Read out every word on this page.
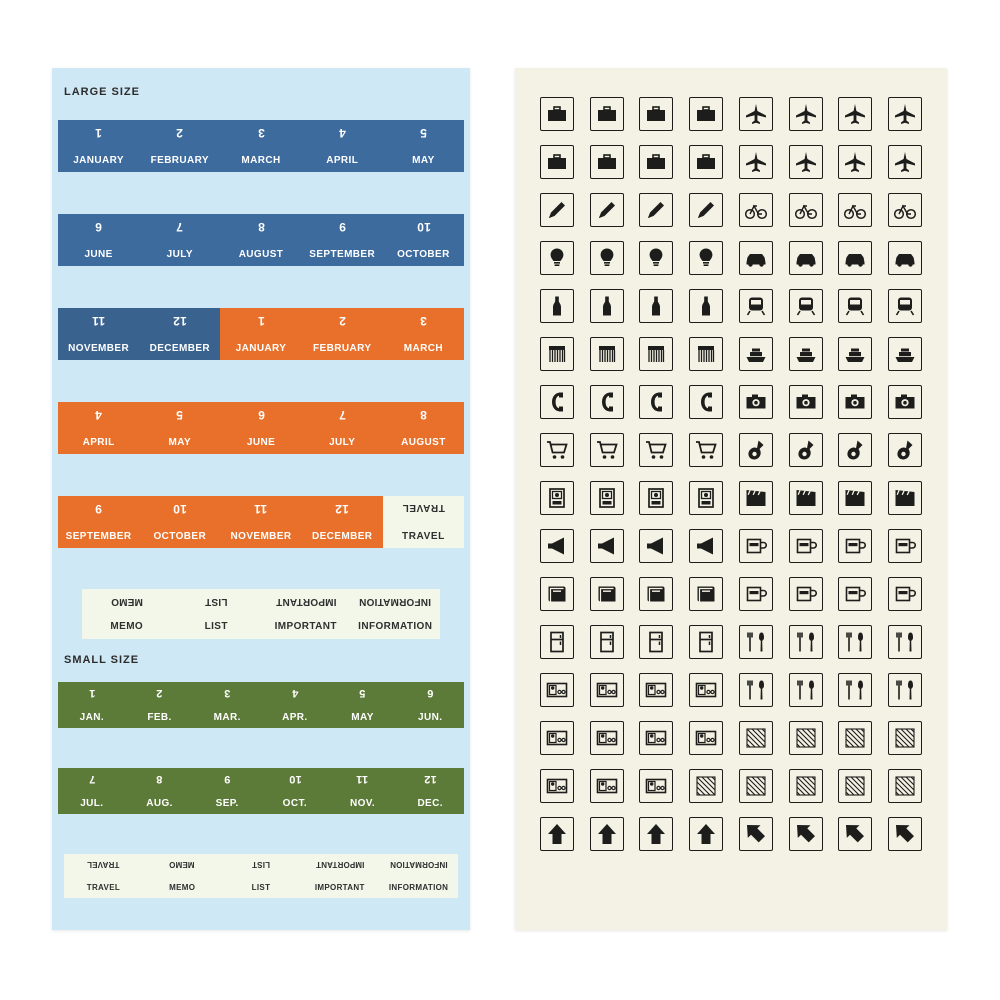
LARGE SIZE
1
JANUARY
2
FEBRUARY
3
MARCH
4
APRIL
5
MAY
6
JUNE
7
JULY
8
AUGUST
9
SEPTEMBER
10
OCTOBER
11
NOVEMBER
12
DECEMBER
1
JANUARY
2
FEBRUARY
3
MARCH
4
APRIL
5
MAY
6
JUNE
7
JULY
8
AUGUST
9
SEPTEMBER
10
OCTOBER
11
NOVEMBER
12
DECEMBER
TRAVEL
TRAVEL
MEMO
MEMO
LIST
LIST
IMPORTANT
IMPORTANT
INFORMATION
INFORMATION
SMALL SIZE
1
JAN.
2
FEB.
3
MAR.
4
APR.
5
MAY
6
JUN.
7
JUL.
8
AUG.
9
SEP.
10
OCT.
11
NOV.
12
DEC.
TRAVEL
TRAVEL
MEMO
MEMO
LIST
LIST
IMPORTANT
IMPORTANT
INFORMATION
INFORMATION
